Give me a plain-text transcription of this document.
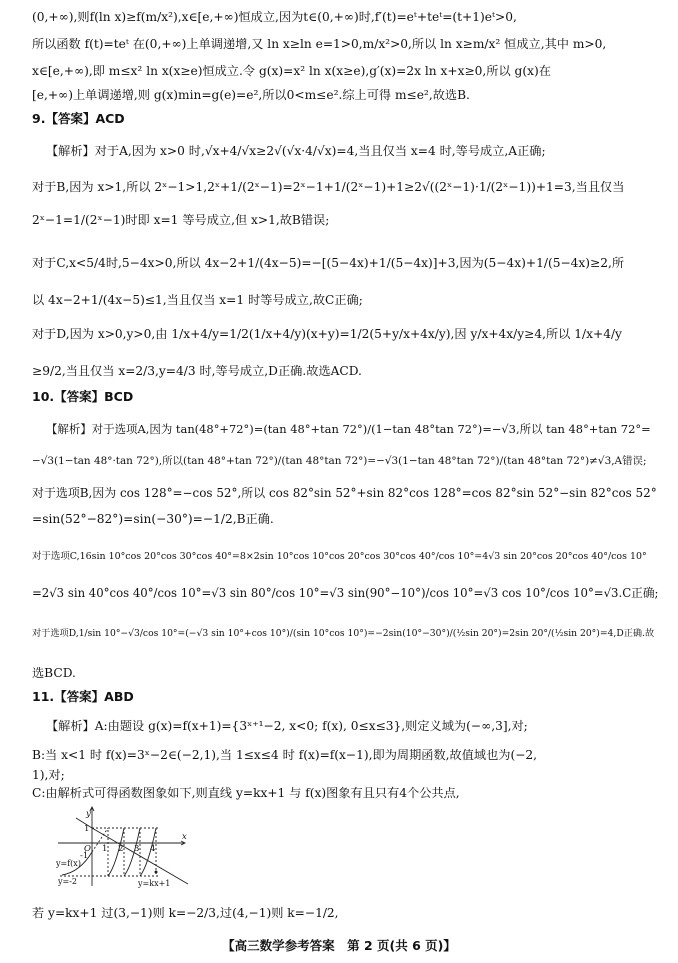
(0,+∞),则f(ln x)≥f(m/x²),x∈[e,+∞)恒成立,因为t∈(0,+∞)时,f′(t)=eᵗ+teᵗ=(t+1)eᵗ>0,
所以函数 f(t)=teᵗ 在(0,+∞)上单调递增,又 ln x≥ln e=1>0,m/x²>0,所以 ln x≥m/x² 恒成立,其中 m>0,
x∈[e,+∞),即 m≤x² ln x(x≥e)恒成立.令 g(x)=x² ln x(x≥e),g′(x)=2x ln x+x≥0,所以 g(x)在
[e,+∞)上单调递增,则 g(x)min=g(e)=e²,所以0<m≤e².综上可得 m≤e²,故选B.
9.【答案】ACD
【解析】对于A,因为 x>0 时,√x+4/√x≥2√(√x·4/√x)=4,当且仅当 x=4 时,等号成立,A正确;
对于B,因为 x>1,所以 2ˣ−1>1,2ˣ+1/(2ˣ−1)=2ˣ−1+1/(2ˣ−1)+1≥2√((2ˣ−1)·1/(2ˣ−1))+1=3,当且仅当
2ˣ−1=1/(2ˣ−1)时即 x=1 等号成立,但 x>1,故B错误;
对于C,x<5/4时,5−4x>0,所以 4x−2+1/(4x−5)=−[(5−4x)+1/(5−4x)]+3,因为(5−4x)+1/(5−4x)≥2,所
以 4x−2+1/(4x−5)≤1,当且仅当 x=1 时等号成立,故C正确;
对于D,因为 x>0,y>0,由 1/x+4/y=1/2(1/x+4/y)(x+y)=1/2(5+y/x+4x/y),因 y/x+4x/y≥4,所以 1/x+4/y
≥9/2,当且仅当 x=2/3,y=4/3 时,等号成立,D正确.故选ACD.
10.【答案】BCD
【解析】对于选项A,因为 tan(48°+72°)=(tan 48°+tan 72°)/(1−tan 48°tan 72°)=−√3,所以 tan 48°+tan 72°=
−√3(1−tan 48°·tan 72°),所以(tan 48°+tan 72°)/(tan 48°tan 72°)=−√3(1−tan 48°tan 72°)/(tan 48°tan 72°)≠√3,A错误;
对于选项B,因为 cos 128°=−cos 52°,所以 cos 82°sin 52°+sin 82°cos 128°=cos 82°sin 52°−sin 82°cos 52°
=sin(52°−82°)=sin(−30°)=−1/2,B正确.
对于选项C,16sin 10°cos 20°cos 30°cos 40°=8×2sin 10°cos 10°cos 20°cos 30°cos 40°/cos 10°=4√3 sin 20°cos 20°cos 40°/cos 10°
=2√3 sin 40°cos 40°/cos 10°=√3 sin 80°/cos 10°=√3 sin(90°−10°)/cos 10°=√3 cos 10°/cos 10°=√3.C正确;
对于选项D,1/sin 10°−√3/cos 10°=(−√3 sin 10°+cos 10°)/(sin 10°cos 10°)=−2sin(10°−30°)/(½sin 20°)=2sin 20°/(½sin 20°)=4,D正确.故
选BCD.
11.【答案】ABD
【解析】A:由题设 g(x)=f(x+1)={3ˣ⁺¹−2, x<0; f(x), 0≤x≤3},则定义域为(−∞,3],对;
B:当 x<1 时 f(x)=3ˣ−2∈(−2,1),当 1≤x≤4 时 f(x)=f(x−1),即为周期函数,故值域也为(−2,
1),对;
C:由解析式可得函数图象如下,则直线 y=kx+1 与 f(x)图象有且只有4个公共点,
y
x
O 1 2 3 4
1
-1
y=f(x)
y=-2	y=kx+1
若 y=kx+1 过(3,−1)则 k=−2/3,过(4,−1)则 k=−1/2,
【高三数学参考答案　第 2 页(共 6 页)】
